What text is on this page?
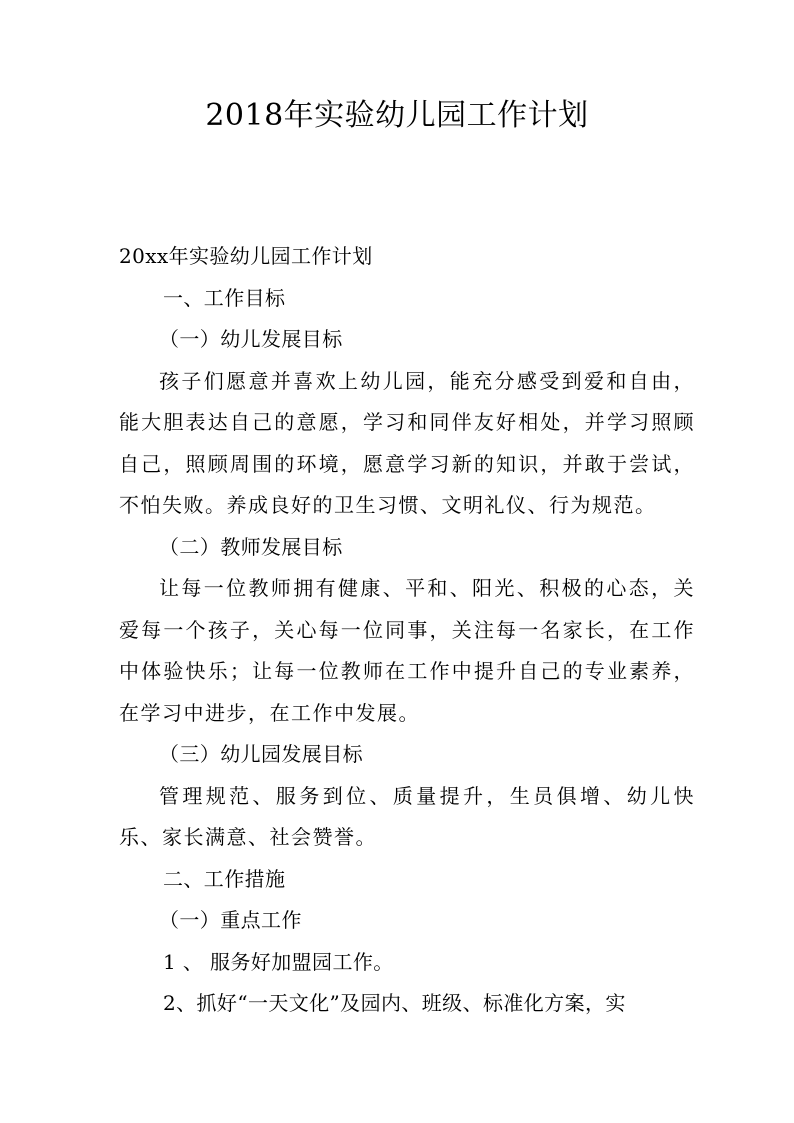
2018年实验幼儿园工作计划
20xx年实验幼儿园工作计划
一、工作目标
（一）幼儿发展目标
孩子们愿意并喜欢上幼儿园，能充分感受到爱和自由，能大胆表达自己的意愿，学习和同伴友好相处，并学习照顾自己，照顾周围的环境，愿意学习新的知识，并敢于尝试，不怕失败。养成良好的卫生习惯、文明礼仪、行为规范。
（二）教师发展目标
让每一位教师拥有健康、平和、阳光、积极的心态，关爱每一个孩子，关心每一位同事，关注每一名家长，在工作中体验快乐；让每一位教师在工作中提升自己的专业素养，在学习中进步，在工作中发展。
（三）幼儿园发展目标
管理规范、服务到位、质量提升，生员俱增、幼儿快乐、家长满意、社会赞誉。
二、工作措施
（一）重点工作
1 、 服务好加盟园工作。
2、抓好“一天文化”及园内、班级、标准化方案，实
